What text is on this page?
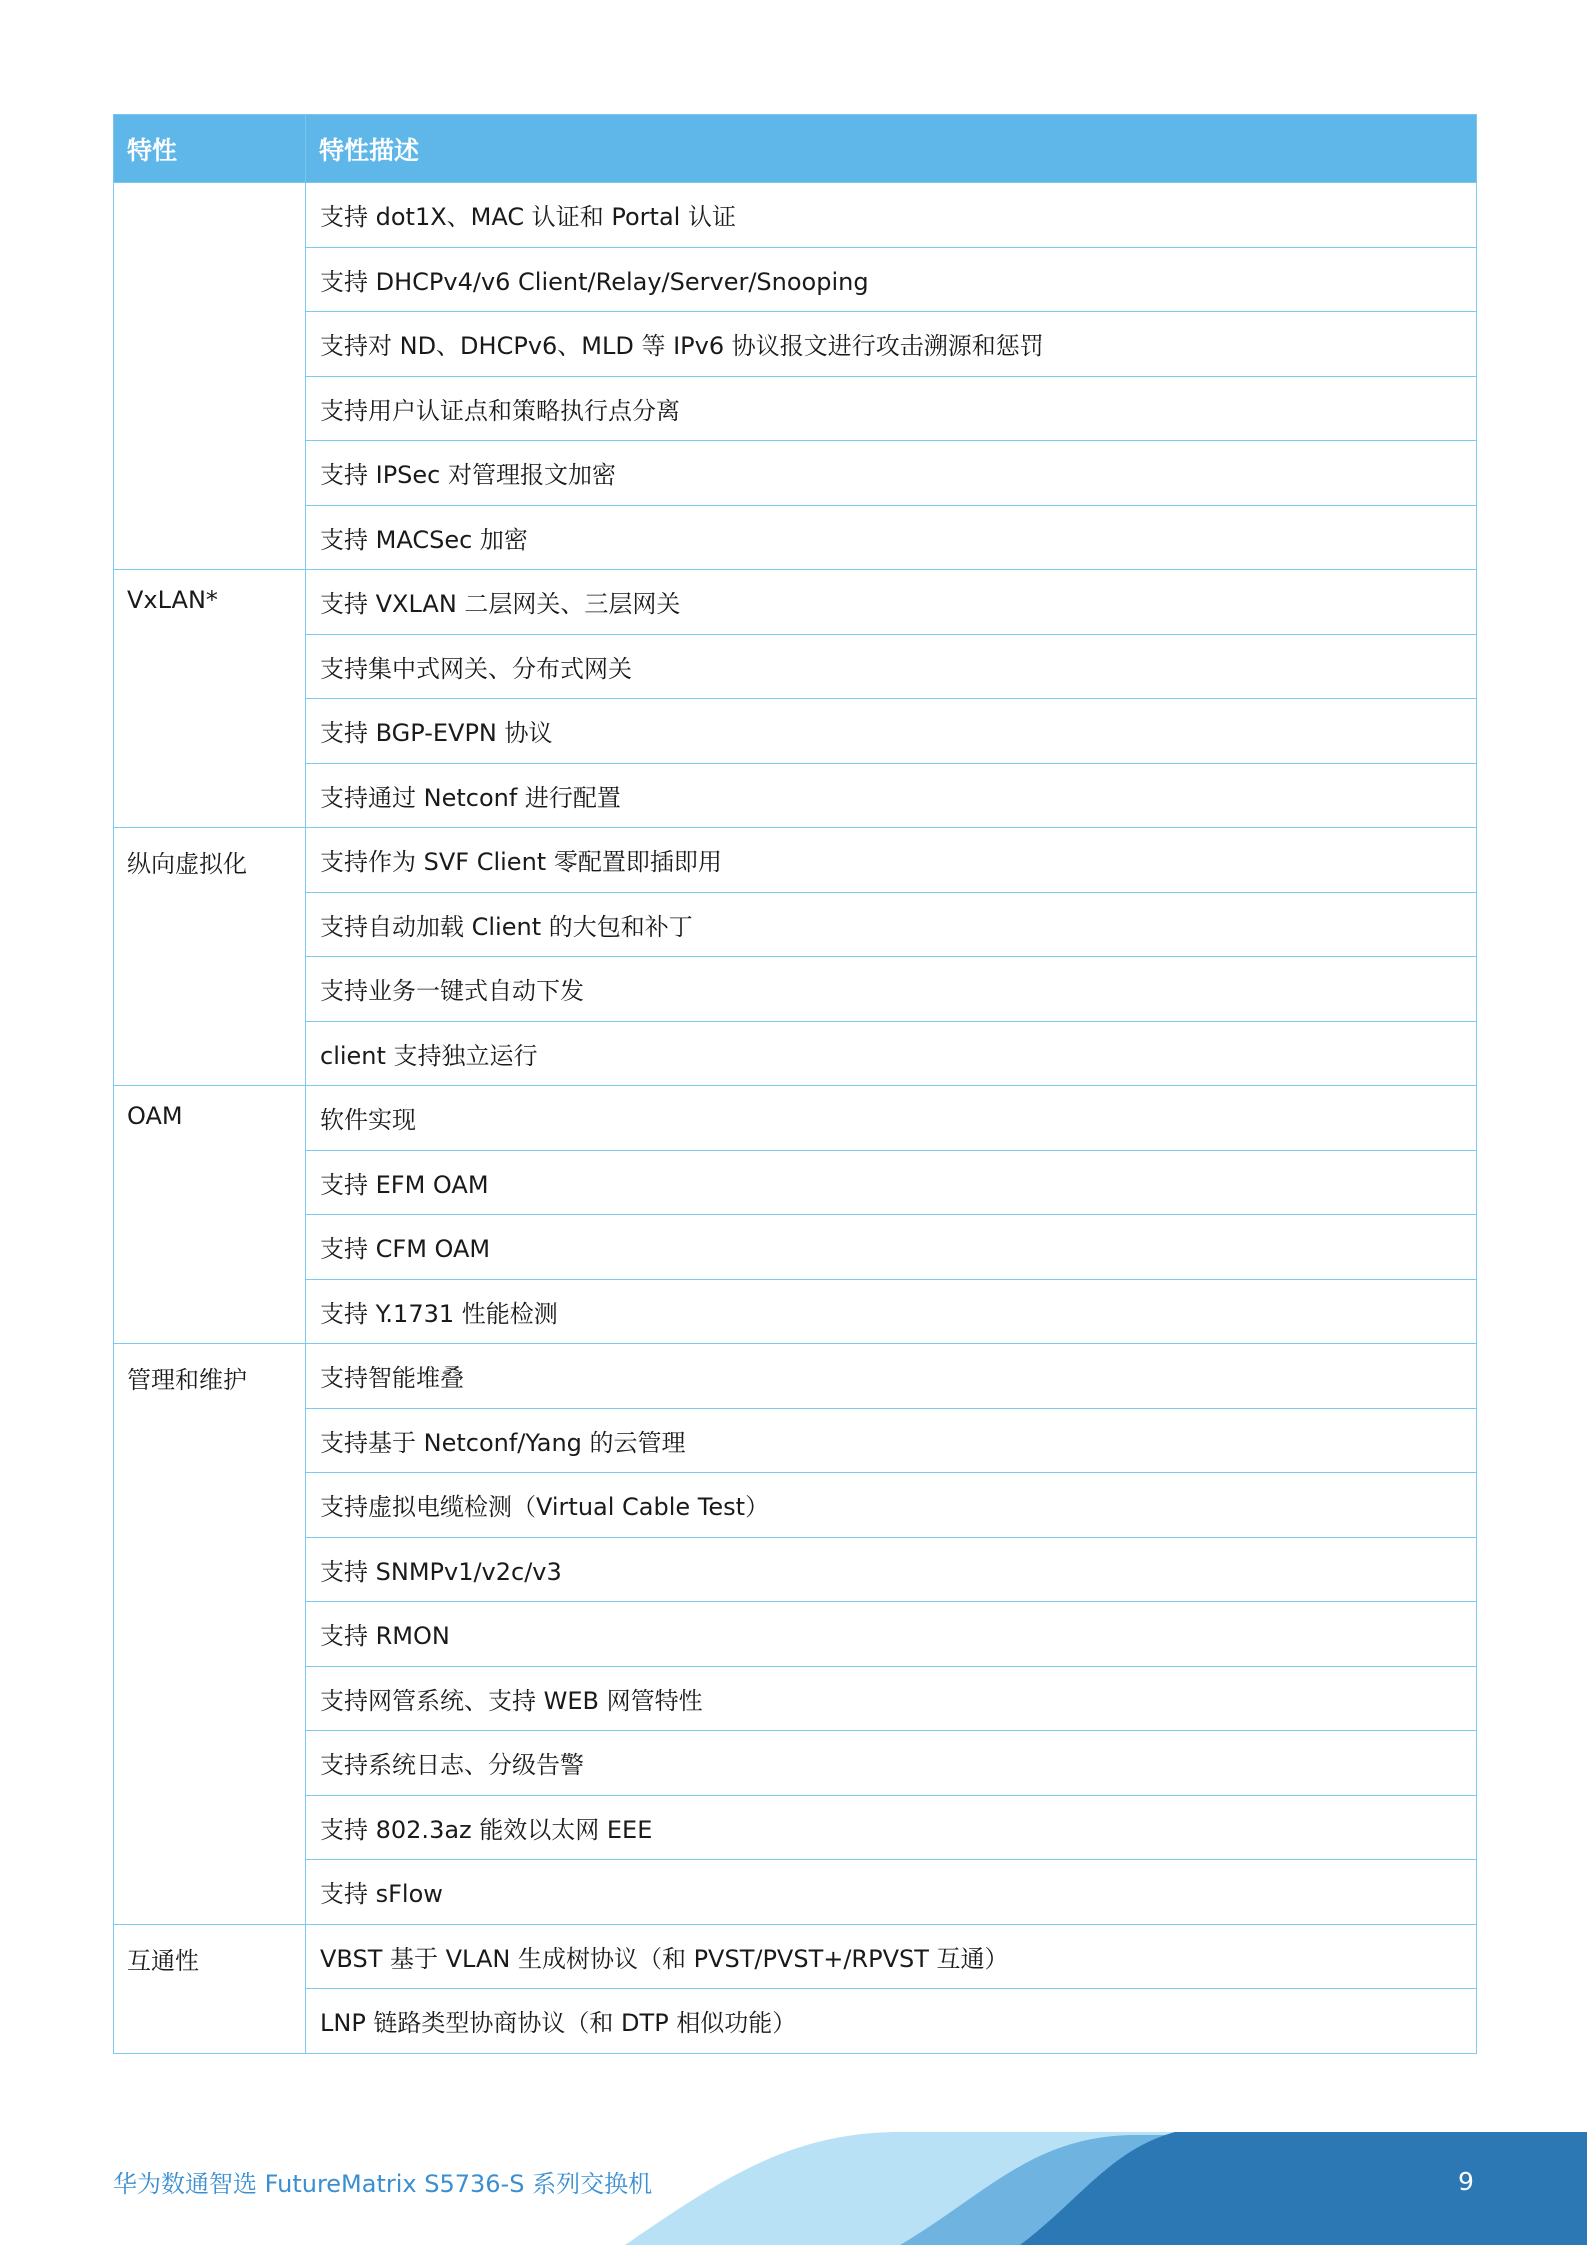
特性	特性描述
	支持 dot1X、MAC 认证和 Portal 认证
	支持 DHCPv4/v6 Client/Relay/Server/Snooping
	支持对 ND、DHCPv6、MLD 等 IPv6 协议报文进行攻击溯源和惩罚
	支持用户认证点和策略执行点分离
	支持 IPSec 对管理报文加密
	支持 MACSec 加密
VxLAN*	支持 VXLAN 二层网关、三层网关
	支持集中式网关、分布式网关
	支持 BGP-EVPN 协议
	支持通过 Netconf 进行配置
纵向虚拟化	支持作为 SVF Client 零配置即插即用
	支持自动加载 Client 的大包和补丁
	支持业务一键式自动下发
	client 支持独立运行
OAM	软件实现
	支持 EFM OAM
	支持 CFM OAM
	支持 Y.1731 性能检测
管理和维护	支持智能堆叠
	支持基于 Netconf/Yang 的云管理
	支持虚拟电缆检测（Virtual Cable Test）
	支持 SNMPv1/v2c/v3
	支持 RMON
	支持网管系统、支持 WEB 网管特性
	支持系统日志、分级告警
	支持 802.3az 能效以太网 EEE
	支持 sFlow
互通性	VBST 基于 VLAN 生成树协议（和 PVST/PVST+/RPVST 互通）
	LNP 链路类型协商协议（和 DTP 相似功能）
华为数通智选 FutureMatrix S5736-S 系列交换机	9
